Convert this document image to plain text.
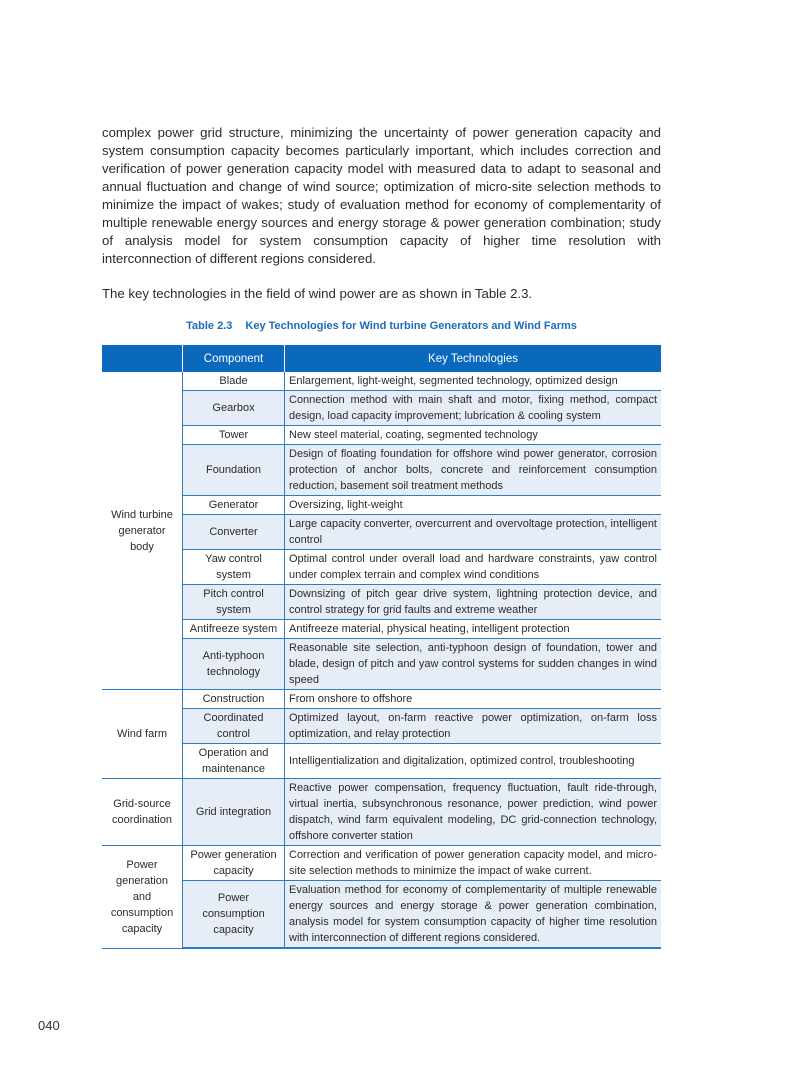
complex power grid structure, minimizing the uncertainty of power generation capacity and system consumption capacity becomes particularly important, which includes correction and verification of power generation capacity model with measured data to adapt to seasonal and annual fluctuation and change of wind source; optimization of micro-site selection methods to minimize the impact of wakes; study of evaluation method for economy of complementarity of multiple renewable energy sources and energy storage & power generation combination; study of analysis model for system consumption capacity of higher time resolution with interconnection of different regions considered.

The key technologies in the field of wind power are as shown in Table 2.3.

Table 2.3 Key Technologies for Wind turbine Generators and Wind Farms
	Component	Key Technologies
Wind turbine generator body	Blade	Enlargement, light-weight, segmented technology, optimized design
	Gearbox	Connection method with main shaft and motor, fixing method, compact design, load capacity improvement; lubrication & cooling system
	Tower	New steel material, coating, segmented technology
	Foundation	Design of floating foundation for offshore wind power generator, corrosion protection of anchor bolts, concrete and reinforcement consumption reduction, basement soil treatment methods
	Generator	Oversizing, light-weight
	Converter	Large capacity converter, overcurrent and overvoltage protection, intelligent control
	Yaw control system	Optimal control under overall load and hardware constraints, yaw control under complex terrain and complex wind conditions
	Pitch control system	Downsizing of pitch gear drive system, lightning protection device, and control strategy for grid faults and extreme weather
	Antifreeze system	Antifreeze material, physical heating, intelligent protection
	Anti-typhoon technology	Reasonable site selection, anti-typhoon design of foundation, tower and blade, design of pitch and yaw control systems for sudden changes in wind speed
Wind farm	Construction	From onshore to offshore
	Coordinated control	Optimized layout, on-farm reactive power optimization, on-farm loss optimization, and relay protection
	Operation and maintenance	Intelligentialization and digitalization, optimized control, troubleshooting
Grid-source coordination	Grid integration	Reactive power compensation, frequency fluctuation, fault ride-through, virtual inertia, subsynchronous resonance, power prediction, wind power dispatch, wind farm equivalent modeling, DC grid-connection technology, offshore converter station
Power generation and consumption capacity	Power generation capacity	Correction and verification of power generation capacity model, and micro-site selection methods to minimize the impact of wake current.
	Power consumption capacity	Evaluation method for economy of complementarity of multiple renewable energy sources and energy storage & power generation combination, analysis model for system consumption capacity of higher time resolution with interconnection of different regions considered.
040
